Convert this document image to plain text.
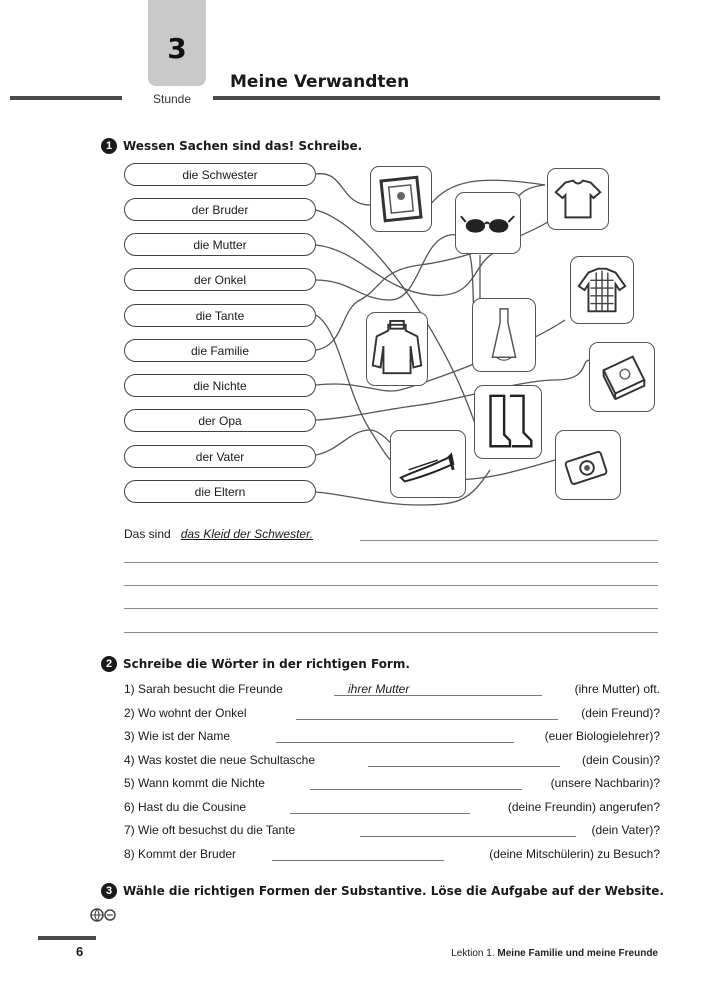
3
Stunde
Meine Verwandten
1 Wessen Sachen sind das! Schreibe.
die Schwester
der Bruder
die Mutter
der Onkel
die Tante
die Familie
die Nichte
der Opa
der Vater
die Eltern
Das sind das Kleid der Schwester.
2 Schreibe die Wörter in der richtigen Form.
1) Sarah besucht die Freunde	ihrer Mutter	(ihre Mutter) oft.
2) Wo wohnt der Onkel	(dein Freund)?
3) Wie ist der Name	(euer Biologielehrer)?
4) Was kostet die neue Schultasche	(dein Cousin)?
5) Wann kommt die Nichte	(unsere Nachbarin)?
6) Hast du die Cousine	(deine Freundin) angerufen?
7) Wie oft besuchst du die Tante	(dein Vater)?
8) Kommt der Bruder	(deine Mitschülerin) zu Besuch?
3 Wähle die richtigen Formen der Substantive. Löse die Aufgabe auf der Website.
6	Lektion 1. Meine Familie und meine Freunde
